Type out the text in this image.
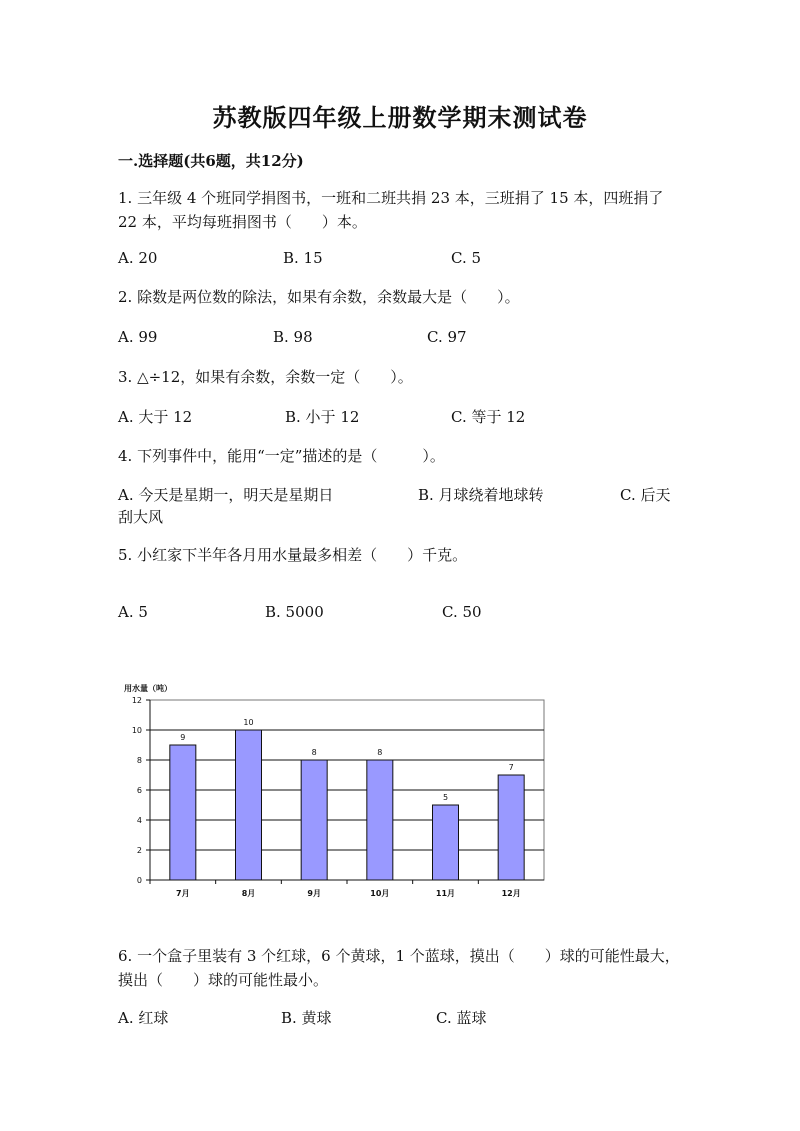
苏教版四年级上册数学期末测试卷
一.选择题(共6题，共12分)
1. 三年级 4 个班同学捐图书，一班和二班共捐 23 本，三班捐了 15 本，四班捐了 22 本，平均每班捐图书（　　）本。
A. 20	B. 15	C. 5
2. 除数是两位数的除法，如果有余数，余数最大是（　　）。
A. 99	B. 98	C. 97
3. △÷12，如果有余数，余数一定（　　）。
A. 大于 12	B. 小于 12	C. 等于 12
4. 下列事件中，能用“一定”描述的是（　　　）。
A. 今天是星期一，明天是星期日	B. 月球绕着地球转	C. 后天
刮大风
5. 小红家下半年各月用水量最多相差（　　）千克。
A. 5	B. 5000	C. 50
用水量（吨）
9
10
8	8
5
7
0
2
4
6
8
10
12
7月	8月	9月	10月	11月	12月
6. 一个盒子里装有 3 个红球，6 个黄球，1 个蓝球，摸出（　　）球的可能性最大，摸出（　　）球的可能性最小。
A. 红球	B. 黄球	C. 蓝球
